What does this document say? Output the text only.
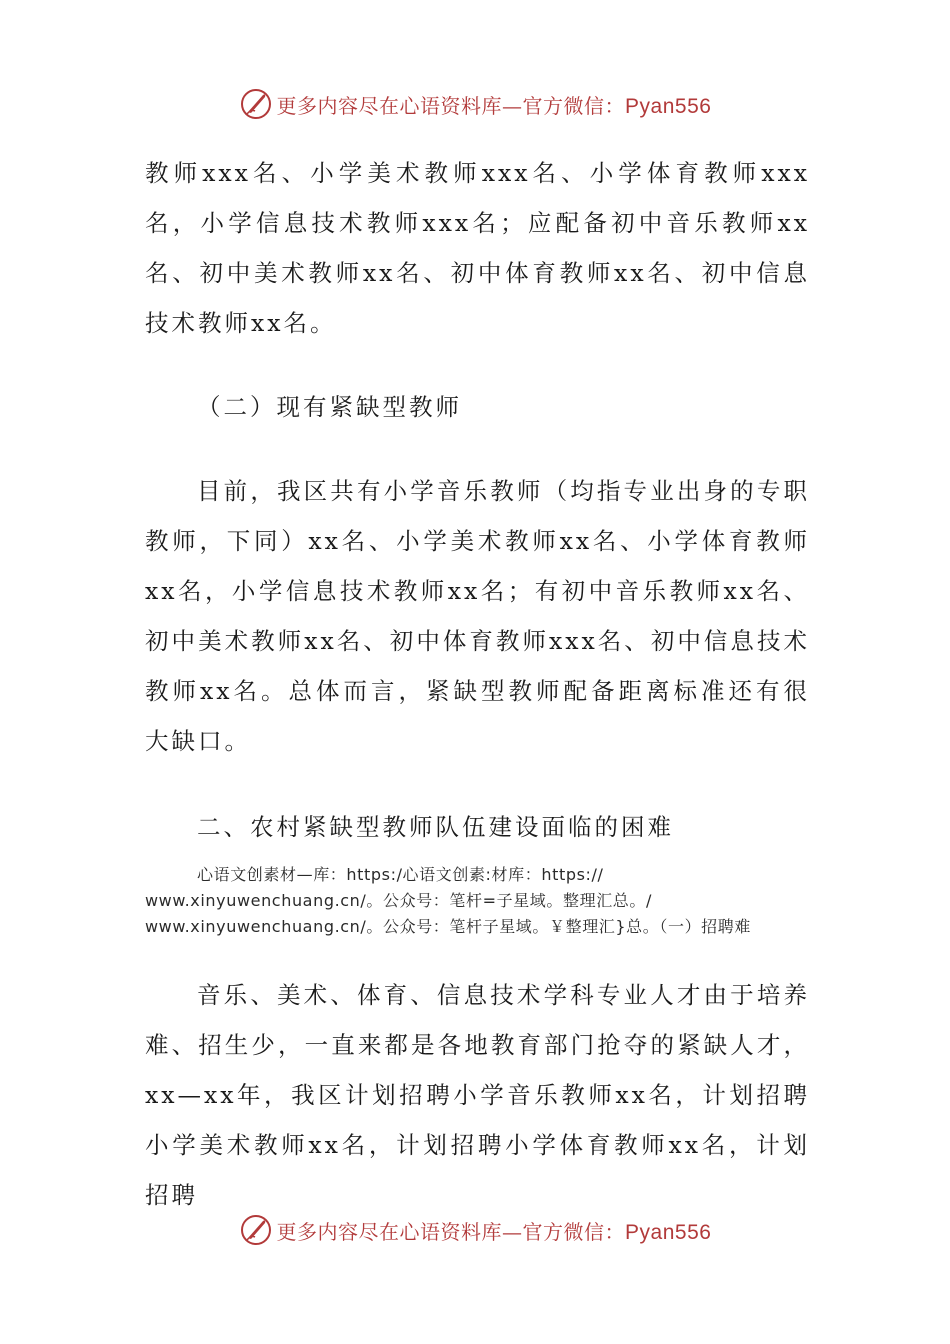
更多内容尽在心语资料库—官方微信：Pyan556

教师xxx名、小学美术教师xxx名、小学体育教师xxx名，小学信息技术教师xxx名；应配备初中音乐教师xx名、初中美术教师xx名、初中体育教师xx名、初中信息技术教师xx名。

（二）现有紧缺型教师

目前，我区共有小学音乐教师（均指专业出身的专职教师，下同）xx名、小学美术教师xx名、小学体育教师xx名，小学信息技术教师xx名；有初中音乐教师xx名、初中美术教师xx名、初中体育教师xxx名、初中信息技术教师xx名。总体而言，紧缺型教师配备距离标准还有很大缺口。

二、农村紧缺型教师队伍建设面临的困难

心语文创素材—库：https:/心语文创素:材库：https://
www.xinyuwenchuang.cn/。公众号：笔杆=子星域。整理汇总。/
www.xinyuwenchuang.cn/。公众号：笔杆子星域。￥整理汇}总。（一）招聘难

音乐、美术、体育、信息技术学科专业人才由于培养难、招生少，一直来都是各地教育部门抢夺的紧缺人才，xx—xx年，我区计划招聘小学音乐教师xx名，计划招聘小学美术教师xx名，计划招聘小学体育教师xx名，计划招聘

更多内容尽在心语资料库—官方微信：Pyan556
